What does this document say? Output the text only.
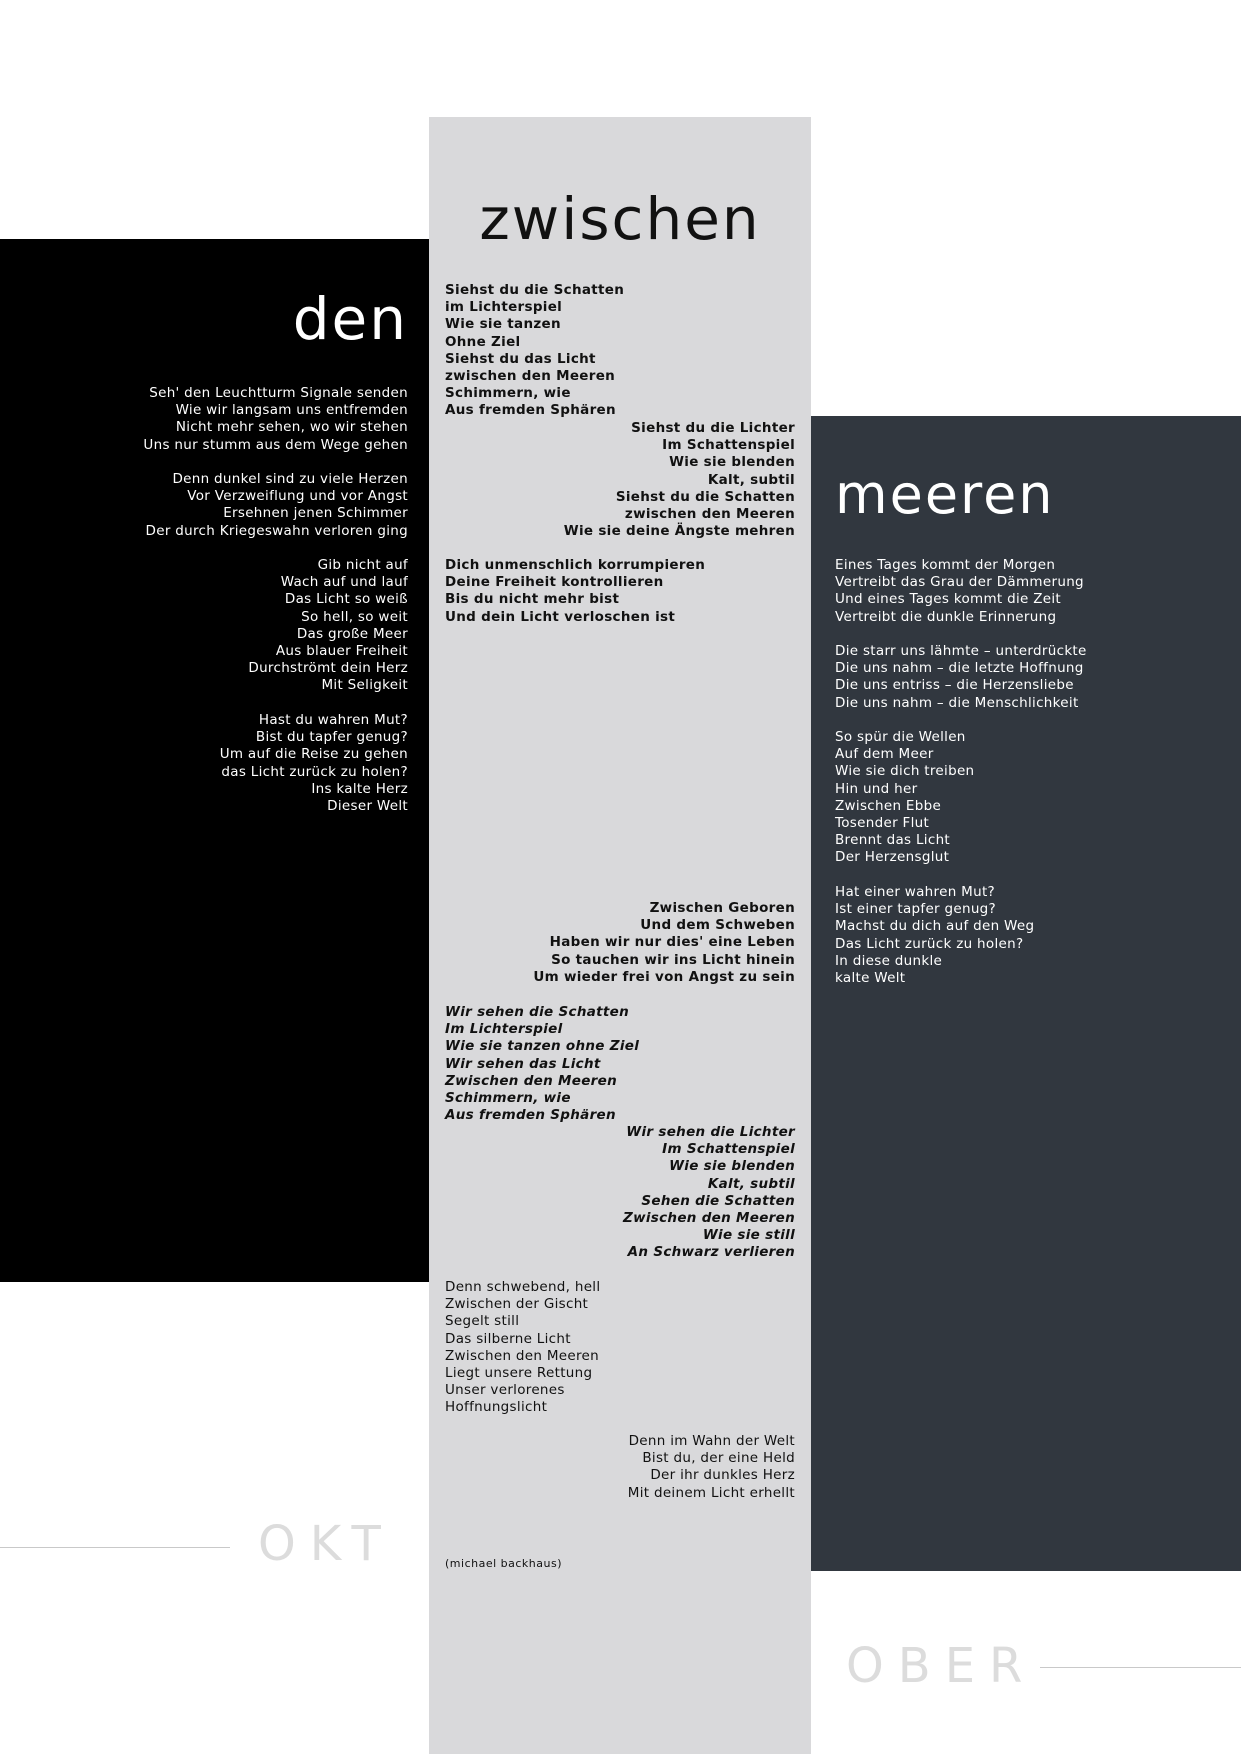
den
zwischen
meeren

Seh' den Leuchtturm Signale senden
Wie wir langsam uns entfremden
Nicht mehr sehen, wo wir stehen
Uns nur stumm aus dem Wege gehen

Denn dunkel sind zu viele Herzen
Vor Verzweiflung und vor Angst
Ersehnen jenen Schimmer
Der durch Kriegeswahn verloren ging

Gib nicht auf
Wach auf und lauf
Das Licht so weiß
So hell, so weit
Das große Meer
Aus blauer Freiheit
Durchströmt dein Herz
Mit Seligkeit

Hast du wahren Mut?
Bist du tapfer genug?
Um auf die Reise zu gehen
das Licht zurück zu holen?
Ins kalte Herz
Dieser Welt

Siehst du die Schatten
im Lichterspiel
Wie sie tanzen
Ohne Ziel
Siehst du das Licht
zwischen den Meeren
Schimmern, wie
Aus fremden Sphären

Siehst du die Lichter
Im Schattenspiel
Wie sie blenden
Kalt, subtil
Siehst du die Schatten
zwischen den Meeren
Wie sie deine Ängste mehren

Dich unmenschlich korrumpieren
Deine Freiheit kontrollieren
Bis du nicht mehr bist
Und dein Licht verloschen ist

Zwischen Geboren
Und dem Schweben
Haben wir nur dies' eine Leben
So tauchen wir ins Licht hinein
Um wieder frei von Angst zu sein

Wir sehen die Schatten
Im Lichterspiel
Wie sie tanzen ohne Ziel
Wir sehen das Licht
Zwischen den Meeren
Schimmern, wie
Aus fremden Sphären

Wir sehen die Lichter
Im Schattenspiel
Wie sie blenden
Kalt, subtil
Sehen die Schatten
Zwischen den Meeren
Wie sie still
An Schwarz verlieren

Denn schwebend, hell
Zwischen der Gischt
Segelt still
Das silberne Licht
Zwischen den Meeren
Liegt unsere Rettung
Unser verlorenes
Hoffnungslicht

Denn im Wahn der Welt
Bist du, der eine Held
Der ihr dunkles Herz
Mit deinem Licht erhellt

(michael backhaus)

Eines Tages kommt der Morgen
Vertreibt das Grau der Dämmerung
Und eines Tages kommt die Zeit
Vertreibt die dunkle Erinnerung

Die starr uns lähmte – unterdrückte
Die uns nahm – die letzte Hoffnung
Die uns entriss – die Herzensliebe
Die uns nahm – die Menschlichkeit

So spür die Wellen
Auf dem Meer
Wie sie dich treiben
Hin und her
Zwischen Ebbe
Tosender Flut
Brennt das Licht
Der Herzensglut

Hat einer wahren Mut?
Ist einer tapfer genug?
Machst du dich auf den Weg
Das Licht zurück zu holen?
In diese dunkle
kalte Welt

OKT

OBER
